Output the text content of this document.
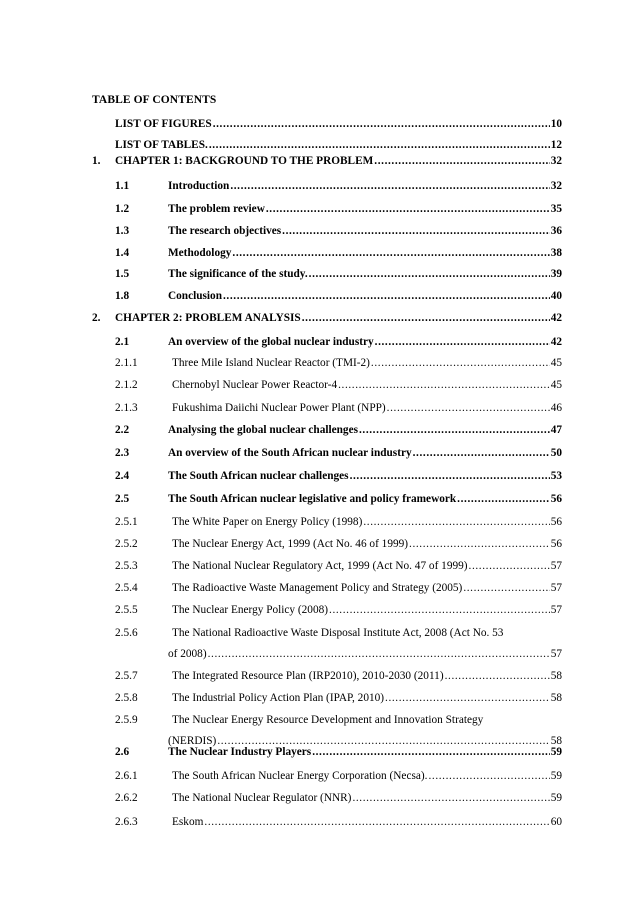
TABLE OF CONTENTS
LIST OF FIGURES .....	10
LIST OF TABLES. .....	12
1. CHAPTER 1: BACKGROUND TO THE PROBLEM .....	32
1.1	Introduction .....	32
1.2	The problem review .....	35
1.3	The research objectives .....	36
1.4	Methodology .....	38
1.5	The significance of the study. .....	39
1.8	Conclusion .....	40
2. CHAPTER 2: PROBLEM ANALYSIS .....	42
2.1	An overview of the global nuclear industry .....	42
2.1.1	Three Mile Island Nuclear Reactor (TMI-2) .....	45
2.1.2	Chernobyl Nuclear Power Reactor-4 .....	45
2.1.3	Fukushima Daiichi Nuclear Power Plant (NPP) .....	46
2.2	Analysing the global nuclear challenges .....	47
2.3	An overview of the South African nuclear industry .....	50
2.4	The South African nuclear challenges .....	53
2.5	The South African nuclear legislative and policy framework .....	56
2.5.1	The White Paper on Energy Policy (1998) .....	56
2.5.2	The Nuclear Energy Act, 1999 (Act No. 46 of 1999) .....	56
2.5.3	The National Nuclear Regulatory Act, 1999 (Act No. 47 of 1999) .....	57
2.5.4	The Radioactive Waste Management Policy and Strategy (2005) .....	57
2.5.5	The Nuclear Energy Policy (2008) .....	57
2.5.6	The National Radioactive Waste Disposal Institute Act, 2008 (Act No. 53
of 2008) .....	57
2.5.7	The Integrated Resource Plan (IRP2010), 2010-2030 (2011) .....	58
2.5.8	The Industrial Policy Action Plan (IPAP, 2010) .....	58
2.5.9	The Nuclear Energy Resource Development and Innovation Strategy
(NERDIS) .....	58
2.6	The Nuclear Industry Players .....	59
2.6.1	The South African Nuclear Energy Corporation (Necsa). .....	59
2.6.2	The National Nuclear Regulator (NNR) .....	59
2.6.3	Eskom .....	60
